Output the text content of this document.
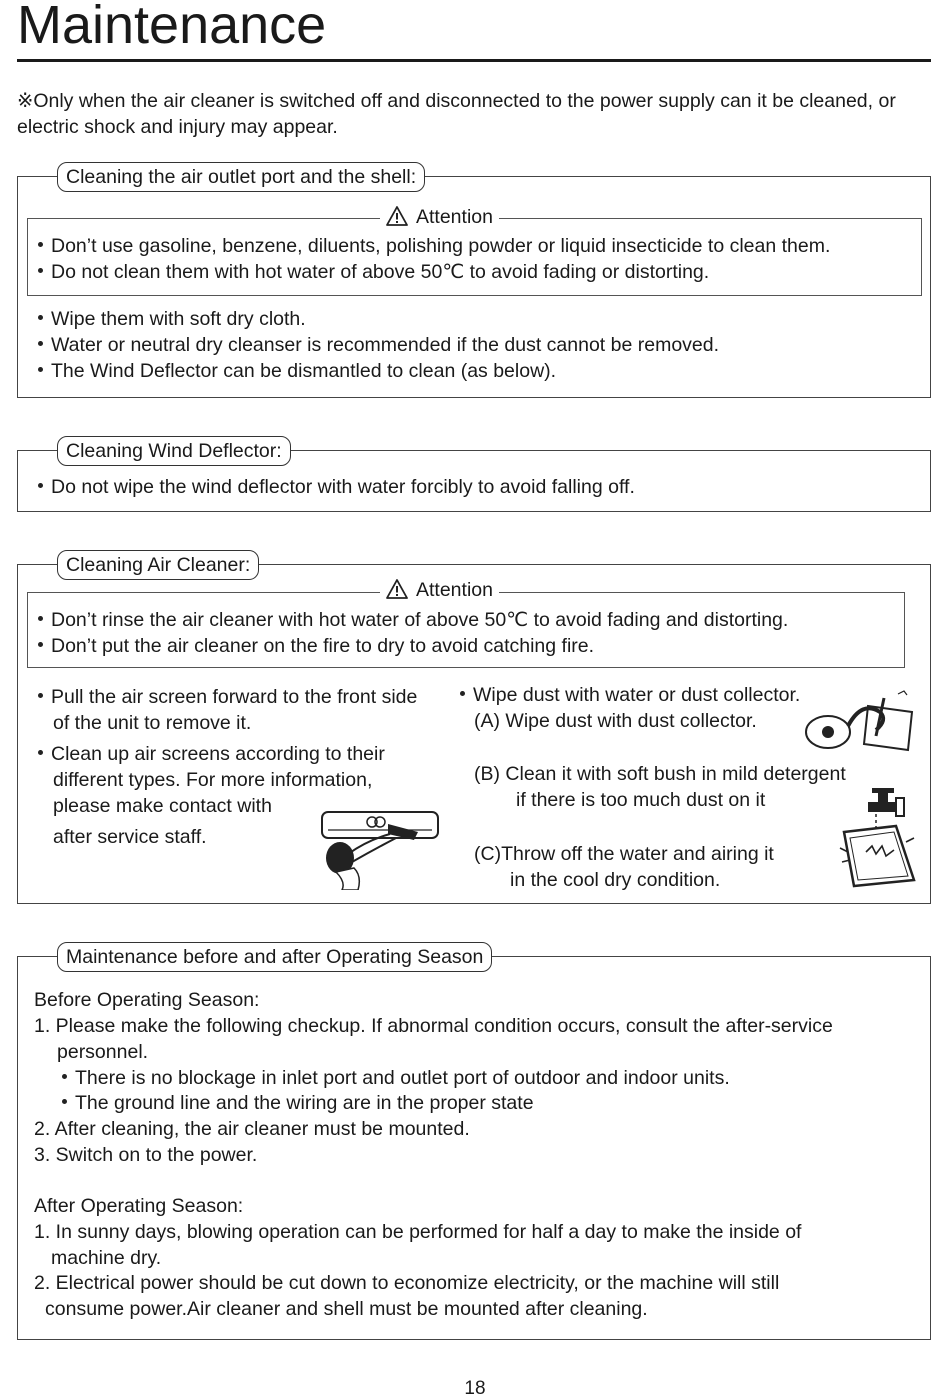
Maintenance
※Only when the air cleaner is switched off and disconnected to the power supply can it be cleaned, or electric shock and injury may appear.
Cleaning the air outlet port and the shell:
Attention
Don’t use gasoline, benzene, diluents, polishing powder or liquid insecticide to clean them.
Do not clean them with hot water of above 50℃ to avoid fading or distorting.
Wipe them with soft dry cloth.
Water or neutral dry cleanser is recommended if the dust cannot be removed.
The Wind Deflector can be dismantled to clean (as below).
Cleaning Wind Deflector:
Do not wipe the wind deflector with water forcibly to avoid falling off.
Cleaning Air Cleaner:
Attention
Don’t rinse the air cleaner with hot water of above 50℃ to avoid fading and distorting.
Don’t put the air cleaner on the fire to dry to avoid catching fire.
Pull the air screen forward to the front side
of the unit to remove it.
Clean up air screens according to their
different types. For more information,
please make contact with
after service staff.
Wipe dust with water or dust collector.
(A) Wipe dust with dust collector.
(B) Clean it with soft bush in mild detergent
if there is too much dust on it
(C)Throw off the water and airing it
in the cool dry condition.
Maintenance before and after Operating Season
Before Operating Season:
1. Please make the following checkup. If abnormal condition occurs, consult the after-service
personnel.
There is no blockage in inlet port and outlet port of outdoor and indoor units.
The ground line and the wiring are in the proper state
2. After cleaning, the air cleaner must be mounted.
3. Switch on to the power.
After Operating Season:
1. In sunny days, blowing operation can be performed for half a day to make the inside of
machine dry.
2. Electrical power should be cut down to economize electricity, or the machine will still
consume power.Air cleaner and shell must be mounted after cleaning.
18
